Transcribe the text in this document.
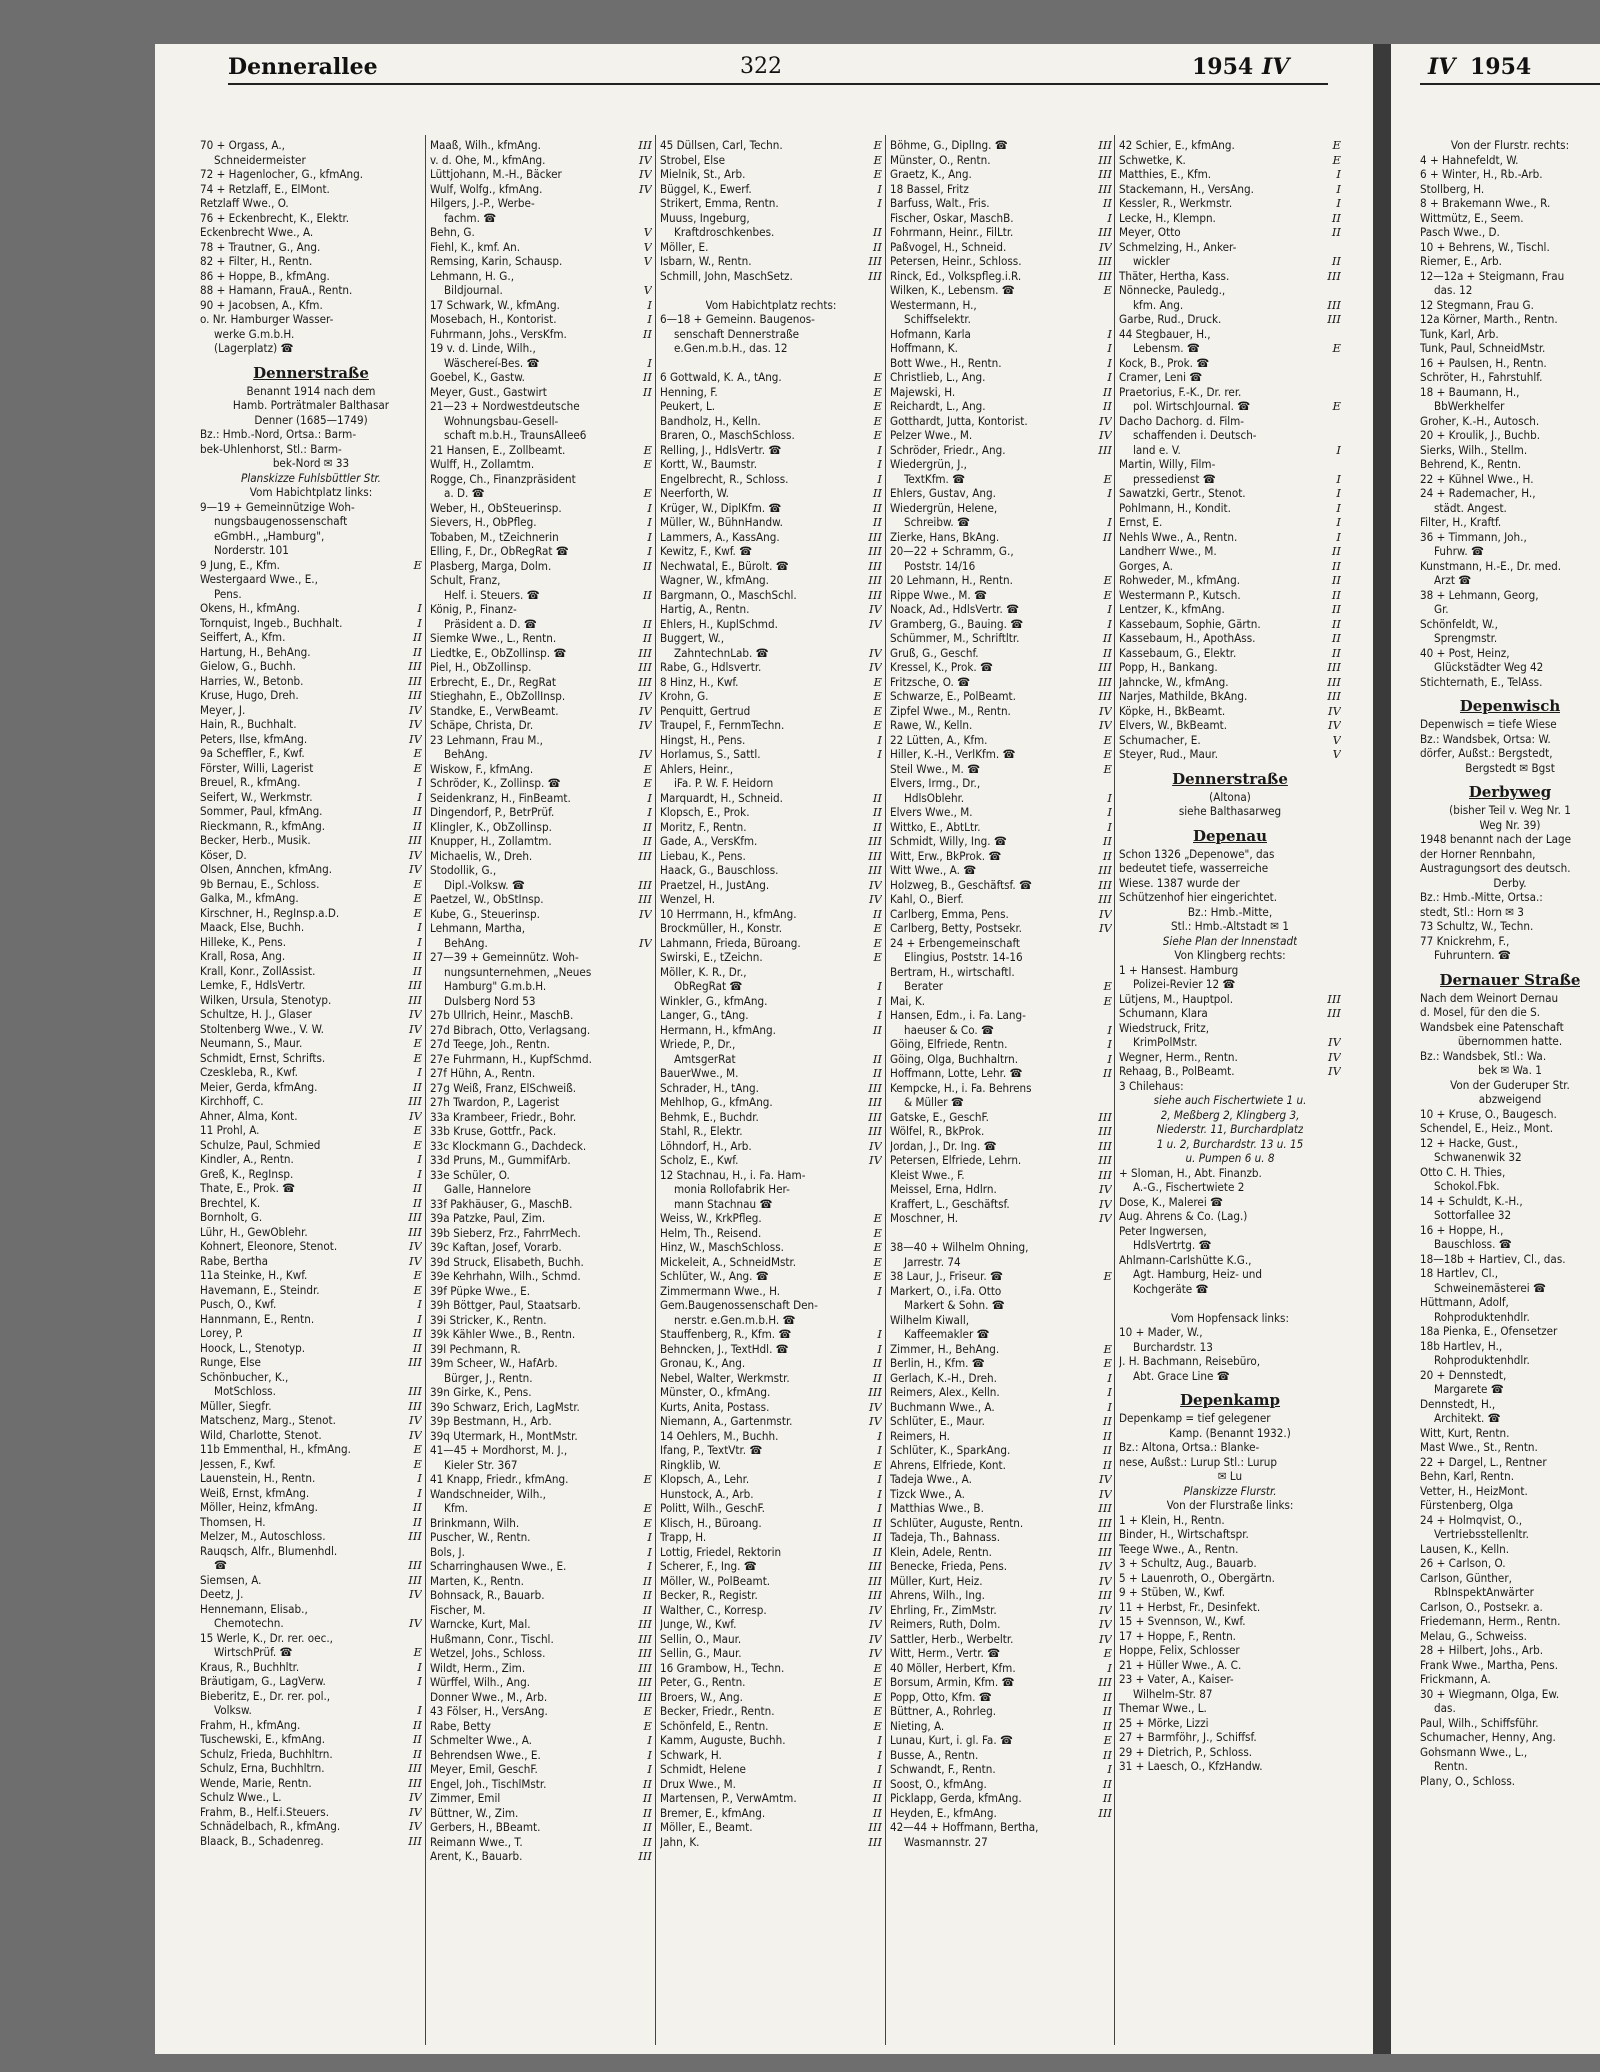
Dennerallee	322	1954 IV	IV 1954
70 + Orgass, A.,
Schneidermeister
72 + Hagenlocher, G., kfmAng.
74 + Retzlaff, E., ElMont.
Retzlaff Wwe., O.
76 + Eckenbrecht, K., Elektr.
Eckenbrecht Wwe., A.
78 + Trautner, G., Ang.
82 + Filter, H., Rentn.
86 + Hoppe, B., kfmAng.
88 + Hamann, FrauA., Rentn.
90 + Jacobsen, A., Kfm.
o. Nr. Hamburger Wasser-
werke G.m.b.H.
(Lagerplatz) ☎
Dennerstraße
Benannt 1914 nach dem
Hamb. Porträtmaler Balthasar
Denner (1685—1749)
Bz.: Hmb.-Nord, Ortsa.: Barm-
bek-Uhlenhorst, Stl.: Barm-
bek-Nord ✉ 33
Planskizze Fuhlsbüttler Str.
Vom Habichtplatz links:
9—19 + Gemeinnützige Woh-
nungsbaugenossenschaft
eGmbH., „Hamburg",
Norderstr. 101
9 Jung, E., Kfm.	E
Westergaard Wwe., E.,
Pens.
Okens, H., kfmAng.	I
Tornquist, Ingeb., Buchhalt.	I
Seiffert, A., Kfm.	II
Hartung, H., BehAng.	II
Gielow, G., Buchh.	III
Harries, W., Betonb.	III
Kruse, Hugo, Dreh.	III
Meyer, J.	IV
Hain, R., Buchhalt.	IV
Peters, Ilse, kfmAng.	IV
9a Scheffler, F., Kwf.	E
Förster, Willi, Lagerist	E
Breuel, R., kfmAng.	I
Seifert, W., Werkmstr.	I
Sommer, Paul, kfmAng.	II
Rieckmann, R., kfmAng.	II
Becker, Herb., Musik.	III
Köser, D.	IV
Olsen, Annchen, kfmAng.	IV
9b Bernau, E., Schloss.	E
Galka, M., kfmAng.	E
Kirschner, H., RegInsp.a.D.	E
Maack, Else, Buchh.	I
Hilleke, K., Pens.	I
Krall, Rosa, Ang.	II
Krall, Konr., ZollAssist.	II
Lemke, F., HdlsVertr.	III
Wilken, Ursula, Stenotyp.	III
Schultze, H. J., Glaser	IV
Stoltenberg Wwe., V. W.	IV
Neumann, S., Maur.	E
Schmidt, Ernst, Schrifts.	E
Czeskleba, R., Kwf.	I
Meier, Gerda, kfmAng.	II
Kirchhoff, C.	III
Ahner, Alma, Kont.	IV
11 Prohl, A.	E
Schulze, Paul, Schmied	E
Kindler, A., Rentn.	I
Greß, K., RegInsp.	I
Thate, E., Prok. ☎	II
Brechtel, K.	II
Bornholt, G.	III
Lühr, H., GewOblehr.	III
Kohnert, Eleonore, Stenot.	IV
Rabe, Bertha	IV
11a Steinke, H., Kwf.	E
Havemann, E., Steindr.	E
Pusch, O., Kwf.	I
Hannmann, E., Rentn.	I
Lorey, P.	II
Hoock, L., Stenotyp.	II
Runge, Else	III
Schönbucher, K.,
MotSchloss.	III
Müller, Siegfr.	III
Matschenz, Marg., Stenot.	IV
Wild, Charlotte, Stenot.	IV
11b Emmenthal, H., kfmAng.	E
Jessen, F., Kwf.	E
Lauenstein, H., Rentn.	I
Weiß, Ernst, kfmAng.	I
Möller, Heinz, kfmAng.	II
Thomsen, H.	II
Melzer, M., Autoschloss.	III
Rauqsch, Alfr., Blumenhdl.
☎	III
Siemsen, A.	III
Deetz, J.	IV
Hennemann, Elisab.,
Chemotechn.	IV
15 Werle, K., Dr. rer. oec.,
WirtschPrüf. ☎	E
Kraus, R., Buchhltr.	I
Bräutigam, G., LagVerw.	I
Bieberitz, E., Dr. rer. pol.,
Volksw.	I
Frahm, H., kfmAng.	II
Tuschewski, E., kfmAng.	II
Schulz, Frieda, Buchhltrn.	II
Schulz, Erna, Buchhltrn.	III
Wende, Marie, Rentn.	III
Schulz Wwe., L.	IV
Frahm, B., Helf.i.Steuers.	IV
Schnädelbach, R., kfmAng.	IV
Blaack, B., Schadenreg.	III
Maaß, Wilh., kfmAng.	III
v. d. Ohe, M., kfmAng.	IV
Lüttjohann, M.-H., Bäcker	IV
Wulf, Wolfg., kfmAng.	IV
Hilgers, J.-P., Werbe-
fachm. ☎
Behn, G.	V
Fiehl, K., kmf. An.	V
Remsing, Karin, Schausp.	V
Lehmann, H. G.,
Bildjournal.	V
17 Schwark, W., kfmAng.	I
Mosebach, H., Kontorist.	I
Fuhrmann, Johs., VersKfm.	II
19 v. d. Linde, Wilh.,
Wäschereí-Bes. ☎	I
Goebel, K., Gastw.	II
Meyer, Gust., Gastwirt	II
21—23 + Nordwestdeutsche
Wohnungsbau-Gesell-
schaft m.b.H., TraunsAllee6
21 Hansen, E., Zollbeamt.	E
Wulff, H., Zollamtm.	E
Rogge, Ch., Finanzpräsident
a. D. ☎	E
Weber, H., ObSteuerinsp.	I
Sievers, H., ObPfleg.	I
Tobaben, M., tZeichnerin	I
Elling, F., Dr., ObRegRat ☎	I
Plasberg, Marga, Dolm.	II
Schult, Franz,
Helf. i. Steuers. ☎	II
König, P., Finanz-
Präsident a. D. ☎	II
Siemke Wwe., L., Rentn.	II
Liedtke, E., ObZollinsp. ☎	III
Piel, H., ObZollinsp.	III
Erbrecht, E., Dr., RegRat	III
Stieghahn, E., ObZollInsp.	IV
Standke, E., VerwBeamt.	IV
Schäpe, Christa, Dr.	IV
23 Lehmann, Frau M.,
BehAng.	IV
Wiskow, F., kfmAng.	E
Schröder, K., Zollinsp. ☎	E
Seidenkranz, H., FinBeamt.	I
Dingendorf, P., BetrPrüf.	I
Klingler, K., ObZollinsp.	II
Knupper, H., Zollamtm.	II
Michaelis, W., Dreh.	III
Stodollik, G.,
Dipl.-Volksw. ☎	III
Paetzel, W., ObStInsp.	III
Kube, G., Steuerinsp.	IV
Lehmann, Martha,
BehAng.	IV
27—39 + Gemeinnütz. Woh-
nungsunternehmen, „Neues
Hamburg" G.m.b.H.
Dulsberg Nord 53
27b Ullrich, Heinr., MaschB.
27d Bibrach, Otto, Verlagsang.
27d Teege, Joh., Rentn.
27e Fuhrmann, H., KupfSchmd.
27f Hühn, A., Rentn.
27g Weiß, Franz, ElSchweiß.
27h Twardon, P., Lagerist
33a Krambeer, Friedr., Bohr.
33b Kruse, Gottfr., Pack.
33c Klockmann G., Dachdeck.
33d Pruns, M., GummifArb.
33e Schüler, O.
Galle, Hannelore
33f Pakhäuser, G., MaschB.
39a Patzke, Paul, Zim.
39b Sieberz, Frz., FahrrMech.
39c Kaftan, Josef, Vorarb.
39d Struck, Elisabeth, Buchh.
39e Kehrhahn, Wilh., Schmd.
39f Püpke Wwe., E.
39h Böttger, Paul, Staatsarb.
39i Stricker, K., Rentn.
39k Kähler Wwe., B., Rentn.
39l Pechmann, R.
39m Scheer, W., HafArb.
Bürger, J., Rentn.
39n Girke, K., Pens.
39o Schwarz, Erich, LagMstr.
39p Bestmann, H., Arb.
39q Utermark, H., MontMstr.
41—45 + Mordhorst, M. J.,
Kieler Str. 367
41 Knapp, Friedr., kfmAng.	E
Wandschneider, Wilh.,
Kfm.	E
Brinkmann, Wilh.	E
Puscher, W., Rentn.	I
Bols, J.	I
Scharringhausen Wwe., E.	I
Marten, K., Rentn.	II
Bohnsack, R., Bauarb.	II
Fischer, M.	II
Warncke, Kurt, Mal.	III
Hußmann, Conr., Tischl.	III
Wetzel, Johs., Schloss.	III
Wildt, Herm., Zim.	III
Würffel, Wilh., Ang.	III
Donner Wwe., M., Arb.	III
43 Fölser, H., VersAng.	E
Rabe, Betty	E
Schmelter Wwe., A.	I
Behrendsen Wwe., E.	I
Meyer, Emil, GeschF.	I
Engel, Joh., TischlMstr.	II
Zimmer, Emil	II
Büttner, W., Zim.	II
Gerbers, H., BBeamt.	II
Reimann Wwe., T.	II
Arent, K., Bauarb.	III
45 Düllsen, Carl, Techn.	E
Strobel, Else	E
Mielnik, St., Arb.	E
Büggel, K., Ewerf.	I
Strikert, Emma, Rentn.	I
Muuss, Ingeburg,
Kraftdroschkenbes.	II
Möller, E.	II
Isbarn, W., Rentn.	III
Schmill, John, MaschSetz.	III
Vom Habichtplatz rechts:
6—18 + Gemeinn. Baugenos-
senschaft Dennerstraße
e.Gen.m.b.H., das. 12
6 Gottwald, K. A., tAng.	E
Henning, F.	E
Peukert, L.	E
Bandholz, H., Kelln.	E
Braren, O., MaschSchloss.	E
Relling, J., HdlsVertr. ☎	I
Kortt, W., Baumstr.	I
Engelbrecht, R., Schloss.	I
Neerforth, W.	II
Krüger, W., DiplKfm. ☎	II
Müller, W., BühnHandw.	II
Lammers, A., KassAng.	III
Kewitz, F., Kwf. ☎	III
Nechwatal, E., Bürolt. ☎	III
Wagner, W., kfmAng.	III
Bargmann, O., MaschSchl.	III
Hartig, A., Rentn.	IV
Ehlers, H., KuplSchmd.	IV
Buggert, W.,
ZahntechnLab. ☎	IV
Rabe, G., Hdlsvertr.	IV
8 Hinz, H., Kwf.	E
Krohn, G.	E
Penquitt, Gertrud	E
Traupel, F., FernmTechn.	E
Hingst, H., Pens.	I
Horlamus, S., Sattl.	I
Ahlers, Heinr.,
iFa. P. W. F. Heidorn
Marquardt, H., Schneid.	II
Klopsch, E., Prok.	II
Moritz, F., Rentn.	II
Gade, A., VersKfm.	III
Liebau, K., Pens.	III
Haack, G., Bauschloss.	III
Praetzel, H., JustAng.	IV
Wenzel, H.	IV
10 Herrmann, H., kfmAng.	II
Brockmüller, H., Konstr.	E
Lahmann, Frieda, Büroang.	E
Swirski, E., tZeichn.	E
Möller, K. R., Dr.,
ObRegRat ☎	I
Winkler, G., kfmAng.	I
Langer, G., tAng.	I
Hermann, H., kfmAng.	II
Wriede, P., Dr.,
AmtsgerRat	II
BauerWwe., M.	II
Schrader, H., tAng.	III
Mehlhop, G., kfmAng.	III
Behmk, E., Buchdr.	III
Stahl, R., Elektr.	III
Löhndorf, H., Arb.	IV
Scholz, E., Kwf.	IV
12 Stachnau, H., i. Fa. Ham-
monia Rollofabrik Her-
mann Stachnau ☎
Weiss, W., KrkPfleg.	E
Helm, Th., Reisend.	E
Hinz, W., MaschSchloss.	E
Mickeleit, A., SchneidMstr.	E
Schlüter, W., Ang. ☎	E
Zimmermann Wwe., H.	I
Gem.Baugenossenschaft Den-
nerstr. e.Gen.m.b.H. ☎
Stauffenberg, R., Kfm. ☎	I
Behncken, J., TextHdl. ☎	I
Gronau, K., Ang.	II
Nebel, Walter, Werkmstr.	II
Münster, O., kfmAng.	III
Kurts, Anita, Postass.	IV
Niemann, A., Gartenmstr.	IV
14 Oehlers, M., Buchh.	I
Ifang, P., TextVtr. ☎	I
Ringklib, W.	E
Klopsch, A., Lehr.	I
Hunstock, A., Arb.	I
Politt, Wilh., GeschF.	I
Klisch, H., Büroang.	II
Trapp, H.	II
Lottig, Friedel, Rektorin	II
Scherer, F., Ing. ☎	III
Möller, W., PolBeamt.	III
Becker, R., Registr.	III
Walther, C., Korresp.	IV
Junge, W., Kwf.	IV
Sellin, O., Maur.	IV
Sellin, G., Maur.	IV
16 Grambow, H., Techn.	E
Peter, G., Rentn.	E
Broers, W., Ang.	E
Becker, Friedr., Rentn.	E
Schönfeld, E., Rentn.	E
Kamm, Auguste, Buchh.	I
Schwark, H.	I
Schmidt, Helene	I
Drux Wwe., M.	II
Martensen, P., VerwAmtm.	II
Bremer, E., kfmAng.	II
Möller, E., Beamt.	III
Jahn, K.	III
Böhme, G., DiplIng. ☎	III
Münster, O., Rentn.	III
Graetz, K., Ang.	III
18 Bassel, Fritz	III
Barfuss, Walt., Fris.	II
Fischer, Oskar, MaschB.	I
Fohrmann, Heinr., FilLtr.	III
Paßvogel, H., Schneid.	IV
Petersen, Heinr., Schloss.	III
Rinck, Ed., Volkspfleg.i.R.	III
Wilken, K., Lebensm. ☎	E
Westermann, H.,
Schiffselektr.
Hofmann, Karla	I
Hoffmann, K.	I
Bott Wwe., H., Rentn.	I
Christlieb, L., Ang.	I
Majewski, H.	II
Reichardt, L., Ang.	II
Gotthardt, Jutta, Kontorist.	IV
Pelzer Wwe., M.	IV
Schröder, Friedr., Ang.	III
Wiedergrün, J.,
TextKfm. ☎	E
Ehlers, Gustav, Ang.	I
Wiedergrün, Helene,
Schreibw. ☎	I
Zierke, Hans, BkAng.	II
20—22 + Schramm, G.,
Poststr. 14/16
20 Lehmann, H., Rentn.	E
Rippe Wwe., M. ☎	E
Noack, Ad., HdlsVertr. ☎	I
Gramberg, G., Bauing. ☎	I
Schümmer, M., Schriftltr.	II
Gruß, G., Geschf.	II
Kressel, K., Prok. ☎	III
Fritzsche, O. ☎	III
Schwarze, E., PolBeamt.	III
Zipfel Wwe., M., Rentn.	IV
Rawe, W., Kelln.	IV
22 Lütten, A., Kfm.	E
Hiller, K.-H., VerlKfm. ☎	E
Steil Wwe., M. ☎	E
Elvers, Irmg., Dr.,
HdlsOblehr.	I
Elvers Wwe., M.	I
Wittko, E., AbtLtr.	I
Schmidt, Willy, Ing. ☎	II
Witt, Erw., BkProk. ☎	II
Witt Wwe., A. ☎	III
Holzweg, B., Geschäftsf. ☎	III
Kahl, O., Bierf.	III
Carlberg, Emma, Pens.	IV
Carlberg, Betty, Postsekr.	IV
24 + Erbengemeinschaft
Elingius, Poststr. 14-16
Bertram, H., wirtschaftl.
Berater	E
Mai, K.	E
Hansen, Edm., i. Fa. Lang-
haeuser & Co. ☎	I
Göing, Elfriede, Rentn.	I
Göing, Olga, Buchhaltrn.	I
Hoffmann, Lotte, Lehr. ☎	II
Kempcke, H., i. Fa. Behrens
& Müller ☎
Gatske, E., GeschF.	III
Wölfel, R., BkProk.	III
Jordan, J., Dr. Ing. ☎	III
Petersen, Elfriede, Lehrn.	III
Kleist Wwe., F.	III
Meissel, Erna, Hdlrn.	IV
Kraffert, L., Geschäftsf.	IV
Moschner, H.	IV
38—40 + Wilhelm Ohning,
Jarrestr. 74
38 Laur, J., Friseur. ☎	E
Markert, O., i.Fa. Otto
Markert & Sohn. ☎
Wilhelm Kiwall,
Kaffeemakler ☎
Zimmer, H., BehAng.	E
Berlin, H., Kfm. ☎	E
Gerlach, K.-H., Dreh.	I
Reimers, Alex., Kelln.	I
Buchmann Wwe., A.	I
Schlüter, E., Maur.	II
Reimers, H.	II
Schlüter, K., SparkAng.	II
Ahrens, Elfriede, Kont.	II
Tadeja Wwe., A.	IV
Tizck Wwe., A.	IV
Matthias Wwe., B.	III
Schlüter, Auguste, Rentn.	III
Tadeja, Th., Bahnass.	III
Klein, Adele, Rentn.	III
Benecke, Frieda, Pens.	IV
Müller, Kurt, Heiz.	IV
Ahrens, Wilh., Ing.	III
Ehrling, Fr., ZimMstr.	IV
Reimers, Ruth, Dolm.	IV
Sattler, Herb., Werbeltr.	IV
Witt, Herm., Vertr. ☎	E
40 Möller, Herbert, Kfm.	I
Borsum, Armin, Kfm. ☎	III
Popp, Otto, Kfm. ☎	II
Büttner, A., Rohrleg.	II
Nieting, A.	II
Lunau, Kurt, i. gl. Fa. ☎	E
Busse, A., Rentn.	II
Schwandt, F., Rentn.	I
Soost, O., kfmAng.	II
Picklapp, Gerda, kfmAng.	II
Heyden, E., kfmAng.	III
42—44 + Hoffmann, Bertha,
Wasmannstr. 27
42 Schier, E., kfmAng.	E
Schwetke, K.	E
Matthies, E., Kfm.	I
Stackemann, H., VersAng.	I
Kessler, R., Werkmstr.	I
Lecke, H., Klempn.	II
Meyer, Otto	II
Schmelzing, H., Anker-
wickler	II
Thäter, Hertha, Kass.	III
Nönnecke, Pauledg.,
kfm. Ang.	III
Garbe, Rud., Druck.	III
44 Stegbauer, H.,
Lebensm. ☎	E
Kock, B., Prok. ☎
Cramer, Leni ☎
Praetorius, F.-K., Dr. rer.
pol. WirtschJournal. ☎	E
Dacho Dachorg. d. Film-
schaffenden i. Deutsch-
land e. V.	I
Martin, Willy, Film-
pressedienst ☎	I
Sawatzki, Gertr., Stenot.	I
Pohlmann, H., Kondit.	I
Ernst, E.	I
Nehls Wwe., A., Rentn.	I
Landherr Wwe., M.	II
Gorges, A.	II
Rohweder, M., kfmAng.	II
Westermann P., Kutsch.	II
Lentzer, K., kfmAng.	II
Kassebaum, Sophie, Gärtn.	II
Kassebaum, H., ApothAss.	II
Kassebaum, G., Elektr.	II
Popp, H., Bankang.	III
Jahncke, W., kfmAng.	III
Narjes, Mathilde, BkAng.	III
Köpke, H., BkBeamt.	IV
Elvers, W., BkBeamt.	IV
Schumacher, E.	V
Steyer, Rud., Maur.	V
Dennerstraße
(Altona)
siehe Balthasarweg
Depenau
Schon 1326 „Depenowe", das
bedeutet tiefe, wasserreiche
Wiese. 1387 wurde der
Schützenhof hier eingerichtet.
Bz.: Hmb.-Mitte,
Stl.: Hmb.-Altstadt ✉ 1
Siehe Plan der Innenstadt
Von Klingberg rechts:
1 + Hansest. Hamburg
Polizei-Revier 12 ☎
Lütjens, M., Hauptpol.	III
Schumann, Klara	III
Wiedstruck, Fritz,
KrimPolMstr.	IV
Wegner, Herm., Rentn.	IV
Rehaag, B., PolBeamt.	IV
3 Chilehaus:
siehe auch Fischertwiete 1 u.
2, Meßberg 2, Klingberg 3,
Niederstr. 11, Burchardplatz
1 u. 2, Burchardstr. 13 u. 15
u. Pumpen 6 u. 8
+ Sloman, H., Abt. Finanzb.
A.-G., Fischertwiete 2
Dose, K., Malerei ☎
Aug. Ahrens & Co. (Lag.)
Peter Ingwersen,
HdlsVertrtg. ☎
Ahlmann-Carlshütte K.G.,
Agt. Hamburg, Heiz- und
Kochgeräte ☎
Vom Hopfensack links:
10 + Mader, W.,
Burchardstr. 13
J. H. Bachmann, Reisebüro,
Abt. Grace Line ☎
Depenkamp
Depenkamp = tief gelegener
Kamp. (Benannt 1932.)
Bz.: Altona, Ortsa.: Blanke-
nese, Außst.: Lurup Stl.: Lurup
✉ Lu
Planskizze Flurstr.
Von der Flurstraße links:
1 + Klein, H., Rentn.
Binder, H., Wirtschaftspr.
Teege Wwe., A., Rentn.
3 + Schultz, Aug., Bauarb.
5 + Lauenroth, O., Obergärtn.
9 + Stüben, W., Kwf.
11 + Herbst, Fr., Desinfekt.
15 + Svennson, W., Kwf.
17 + Hoppe, F., Rentn.
Hoppe, Felix, Schlosser
21 + Hüller Wwe., A. C.
23 + Vater, A., Kaiser-
Wilhelm-Str. 87
Themar Wwe., L.
25 + Mörke, Lizzi
27 + Barmföhr, J., Schiffsf.
29 + Dietrich, P., Schloss.
31 + Laesch, O., KfzHandw.
Von der Flurstr. rechts:
4 + Hahnefeldt, W.
6 + Winter, H., Rb.-Arb.
Stollberg, H.
8 + Brakemann Wwe., R.
Wittmütz, E., Seem.
Pasch Wwe., D.
10 + Behrens, W., Tischl.
Riemer, E., Arb.
12—12a + Steigmann, Frau
das. 12
12 Stegmann, Frau G.
12a Körner, Marth., Rentn.
Tunk, Karl, Arb.
Tunk, Paul, SchneidMstr.
16 + Paulsen, H., Rentn.
Schröter, H., Fahrstuhlf.
18 + Baumann, H.,
BbWerkhelfer
Groher, K.-H., Autosch.
20 + Kroulik, J., Buchb.
Sierks, Wilh., Stellm.
Behrend, K., Rentn.
22 + Kühnel Wwe., H.
24 + Rademacher, H.,
städt. Angest.
Filter, H., Kraftf.
36 + Timmann, Joh.,
Fuhrw. ☎
Kunstmann, H.-E., Dr. med.
Arzt ☎
38 + Lehmann, Georg,
Gr.
Schönfeldt, W.,
Sprengmstr.
40 + Post, Heinz,
Glückstädter Weg 42
Stichternath, E., TelAss.
Depenwisch
Depenwisch = tiefe Wiese
Bz.: Wandsbek, Ortsa: W.
dörfer, Außst.: Bergstedt,
Bergstedt ✉ Bgst
Derbyweg
(bisher Teil v. Weg Nr. 1
Weg Nr. 39)
1948 benannt nach der Lage
der Horner Rennbahn,
Austragungsort des deutsch.
Derby.
Bz.: Hmb.-Mitte, Ortsa.:
stedt, Stl.: Horn ✉ 3
73 Schultz, W., Techn.
77 Knickrehm, F.,
Fuhruntern. ☎
Dernauer Straße
Nach dem Weinort Dernau
d. Mosel, für den die S.
Wandsbek eine Patenschaft
übernommen hatte.
Bz.: Wandsbek, Stl.: Wa.
bek ✉ Wa. 1
Von der Guderuper Str.
abzweigend
10 + Kruse, O., Baugesch.
Schendel, E., Heiz., Mont.
12 + Hacke, Gust.,
Schwanenwik 32
Otto C. H. Thies,
Schokol.Fbk.
14 + Schuldt, K.-H.,
Sottorfallee 32
16 + Hoppe, H.,
Bauschloss. ☎
18—18b + Hartiev, Cl., das.
18 Hartlev, Cl.,
Schweinemästerei ☎
Hüttmann, Adolf,
Rohproduktenhdlr.
18a Pienka, E., Ofensetzer
18b Hartlev, H.,
Rohproduktenhdlr.
20 + Dennstedt,
Margarete ☎
Dennstedt, H.,
Architekt. ☎
Witt, Kurt, Rentn.
Mast Wwe., St., Rentn.
22 + Dargel, L., Rentner
Behn, Karl, Rentn.
Vetter, H., HeizMont.
Fürstenberg, Olga
24 + Holmqvist, O.,
Vertriebsstellenltr.
Lausen, K., Kelln.
26 + Carlson, O.
Carlson, Günther,
RbInspektAnwärter
Carlson, O., Postsekr. a.
Friedemann, Herm., Rentn.
Melau, G., Schweiss.
28 + Hilbert, Johs., Arb.
Frank Wwe., Martha, Pens.
Frickmann, A.
30 + Wiegmann, Olga, Ew.
das.
Paul, Wilh., Schiffsführ.
Schumacher, Henny, Ang.
Gohsmann Wwe., L.,
Rentn.
Plany, O., Schloss.
